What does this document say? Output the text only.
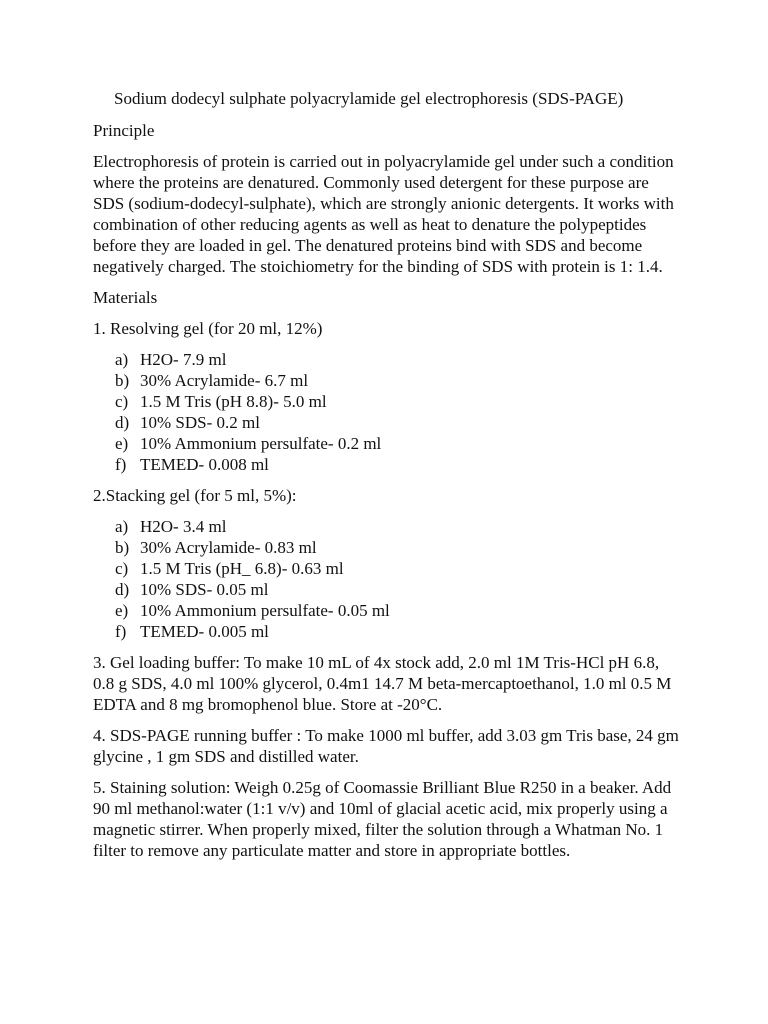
Sodium dodecyl sulphate polyacrylamide gel electrophoresis (SDS-PAGE)
Principle
Electrophoresis of protein is carried out in polyacrylamide gel under such a condition where the proteins are denatured. Commonly used detergent for these purpose are SDS (sodium-dodecyl-sulphate), which are strongly anionic detergents. It works with combination of other reducing agents as well as heat to denature the polypeptides before they are loaded in gel. The denatured proteins bind with SDS and become negatively charged. The stoichiometry for the binding of SDS with protein is 1: 1.4.
Materials
1. Resolving gel (for 20 ml, 12%)
a) H2O- 7.9 ml
b) 30% Acrylamide- 6.7 ml
c) 1.5 M Tris (pH 8.8)- 5.0 ml
d) 10% SDS- 0.2 ml
e) 10% Ammonium persulfate- 0.2 ml
f) TEMED- 0.008 ml
2.Stacking gel (for 5 ml, 5%):
a) H2O- 3.4 ml
b) 30% Acrylamide- 0.83 ml
c) 1.5 M Tris (pH_ 6.8)- 0.63 ml
d) 10% SDS- 0.05 ml
e) 10% Ammonium persulfate- 0.05 ml
f) TEMED- 0.005 ml
3. Gel loading buffer: To make 10 mL of 4x stock add, 2.0 ml 1M Tris-HCl pH 6.8, 0.8 g SDS, 4.0 ml 100% glycerol, 0.4m1 14.7 M beta-mercaptoethanol, 1.0 ml 0.5 M EDTA and 8 mg bromophenol blue. Store at -20°C.
4. SDS-PAGE running buffer : To make 1000 ml buffer, add 3.03 gm Tris base, 24 gm glycine , 1 gm SDS and distilled water.
5. Staining solution: Weigh 0.25g of Coomassie Brilliant Blue R250 in a beaker. Add 90 ml methanol:water (1:1 v/v) and 10ml of glacial acetic acid, mix properly using a magnetic stirrer. When properly mixed, filter the solution through a Whatman No. 1 filter to remove any particulate matter and store in appropriate bottles.
